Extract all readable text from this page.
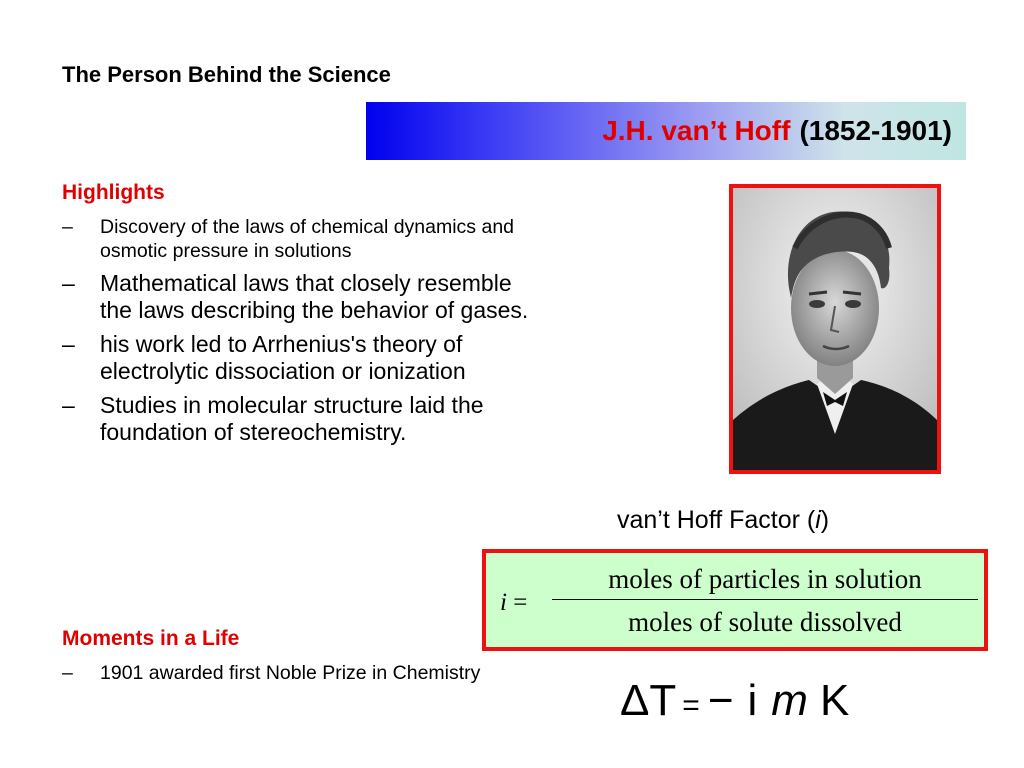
The Person Behind the Science
J.H. van’t Hoff (1852-1901)
Highlights
– Discovery of the laws of chemical dynamics and osmotic pressure in solutions
– Mathematical laws that closely resemble the laws describing the behavior of gases.
– his work led to Arrhenius's theory of electrolytic dissociation or ionization
– Studies in molecular structure laid the foundation of stereochemistry.
Moments in a Life
– 1901 awarded first Noble Prize in Chemistry
van’t Hoff Factor (i)
i =
moles of particles in solution
moles of solute dissolved
ΔT = − i m K
